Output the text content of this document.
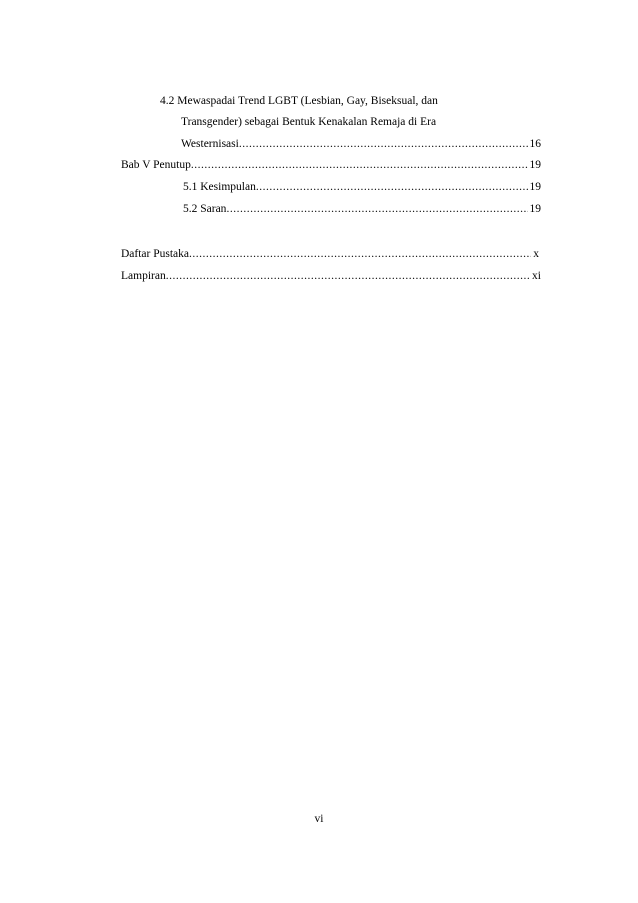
4.2 Mewaspadai Trend LGBT (Lesbian, Gay, Biseksual, dan
Transgender) sebagai Bentuk Kenakalan Remaja di Era
Westernisasi .....	16
Bab V Penutup .....	19
5.1 Kesimpulan .....	19
5.2 Saran .....	19
Daftar Pustaka .....	x
Lampiran .....	xi
vi
